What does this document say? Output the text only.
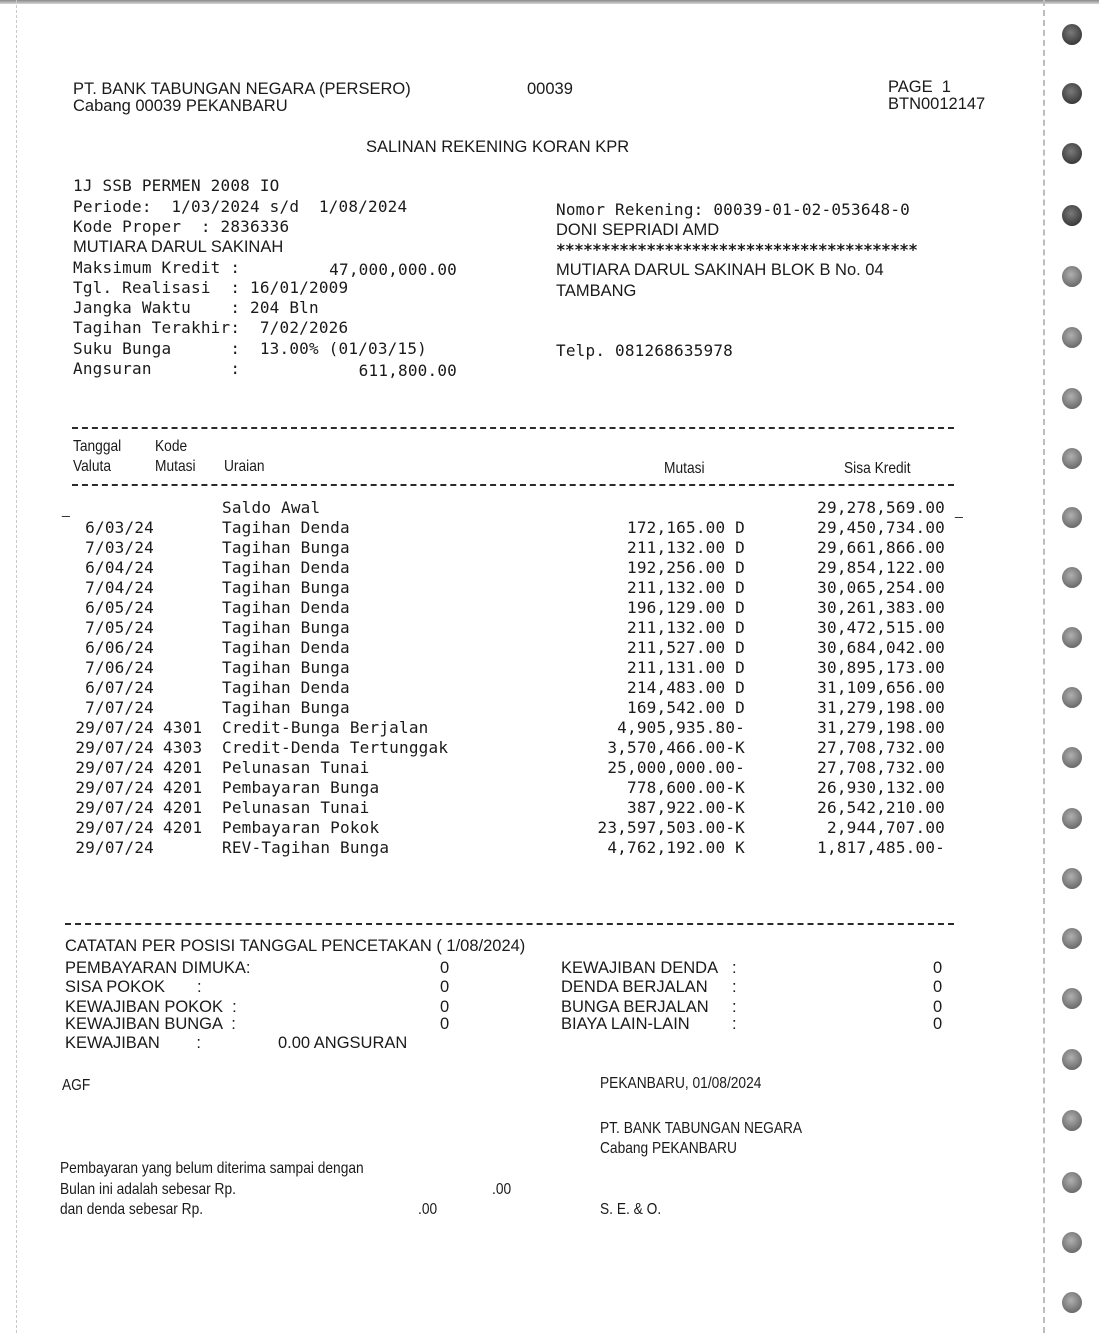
PT. BANK TABUNGAN NEGARA (PERSERO)
Cabang 00039 PEKANBARU
00039	PAGE  1
BTN0012147
SALINAN REKENING KORAN KPR
1J SSB PERMEN 2008 IO
Periode:  1/03/2024 s/d  1/08/2024
Kode Proper  : 2836336
MUTIARA DARUL SAKINAH
Maksimum Kredit :	47,000,000.00
Tgl. Realisasi  : 16/01/2009
Jangka Waktu    : 204 Bln
Tagihan Terakhir:  7/02/2026
Suku Bunga      :  13.00% (01/03/15)
Angsuran        :	611,800.00
Nomor Rekening: 00039-01-02-053648-0
DONI SEPRIADI AMD
****************************************
MUTIARA DARUL SAKINAH BLOK B No. 04
TAMBANG
Telp. 081268635978
Tanggal Kode
Valuta	Mutasi Uraian	Mutasi	Sisa Kredit
_	_
Saldo Awal	29,278,569.00
6/03/24	Tagihan Denda	172,165.00 D	29,450,734.00
7/03/24	Tagihan Bunga	211,132.00 D	29,661,866.00
6/04/24	Tagihan Denda	192,256.00 D	29,854,122.00
7/04/24	Tagihan Bunga	211,132.00 D	30,065,254.00
6/05/24	Tagihan Denda	196,129.00 D	30,261,383.00
7/05/24	Tagihan Bunga	211,132.00 D	30,472,515.00
6/06/24	Tagihan Denda	211,527.00 D	30,684,042.00
7/06/24	Tagihan Bunga	211,131.00 D	30,895,173.00
6/07/24	Tagihan Denda	214,483.00 D	31,109,656.00
7/07/24	Tagihan Bunga	169,542.00 D	31,279,198.00
29/07/24 4301 Credit-Bunga Berjalan	4,905,935.80-	31,279,198.00
29/07/24 4303 Credit-Denda Tertunggak	3,570,466.00-K	27,708,732.00
29/07/24 4201 Pelunasan Tunai	25,000,000.00-	27,708,732.00
29/07/24 4201 Pembayaran Bunga	778,600.00-K	26,930,132.00
29/07/24 4201 Pelunasan Tunai	387,922.00-K	26,542,210.00
29/07/24 4201 Pembayaran Pokok	23,597,503.00-K	2,944,707.00
29/07/24	REV-Tagihan Bunga	4,762,192.00 K	1,817,485.00-
CATATAN PER POSISI TANGGAL PENCETAKAN ( 1/08/2024)
PEMBAYARAN DIMUKA:	0
SISA POKOK       :	0
KEWAJIBAN POKOK  :	0
KEWAJIBAN BUNGA  :	0
KEWAJIBAN        :	0.00 ANGSURAN
KEWAJIBAN DENDA :	0
DENDA BERJALAN :	0
BUNGA BERJALAN :	0
BIAYA LAIN-LAIN	:	0
AGF	PEKANBARU, 01/08/2024
PT. BANK TABUNGAN NEGARA
Cabang PEKANBARU
Pembayaran yang belum diterima sampai dengan
Bulan ini adalah sebesar Rp.	.00
dan denda sebesar Rp.	.00	S. E. & O.
